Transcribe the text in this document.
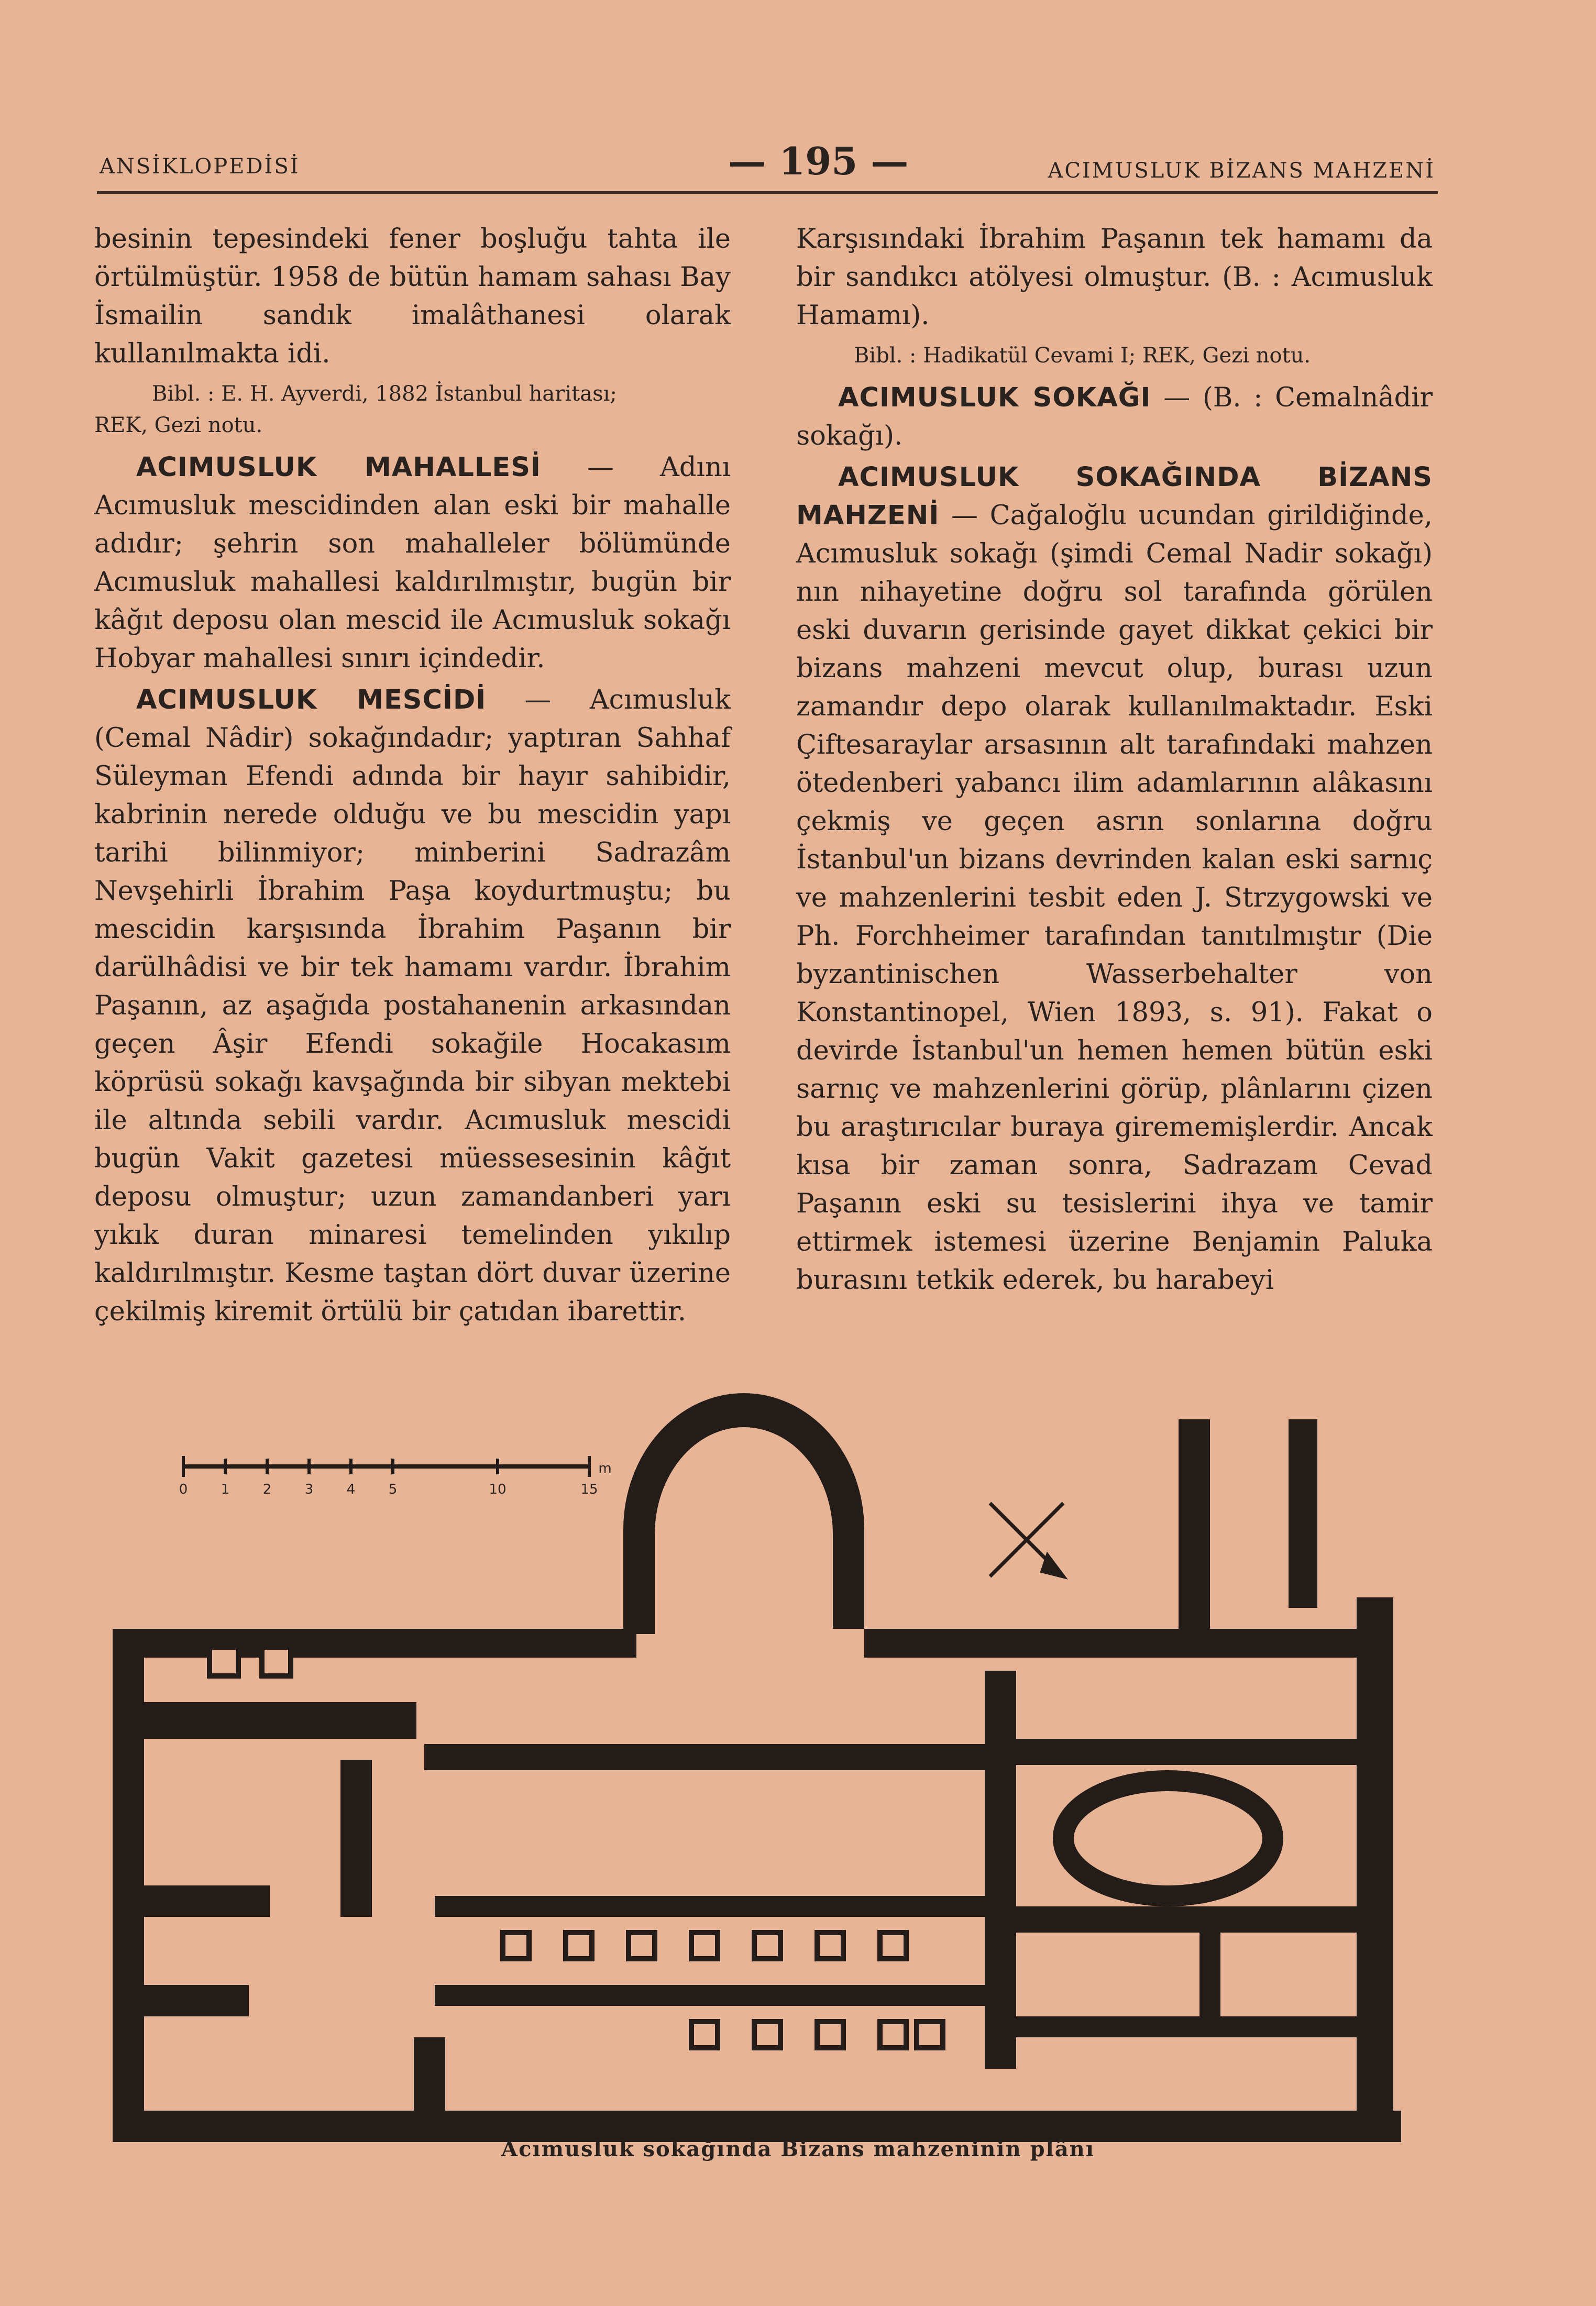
ANSİKLOPEDİSİ	— 195 —	ACIMUSLUK BİZANS MAHZENİ

besinin tepesindeki fener boşluğu tahta ile örtülmüştür. 1958 de bütün hamam sahası Bay İsmailin sandık imalâthanesi olarak kullanılmakta idi.

Bibl. : E. H. Ayverdi, 1882 İstanbul haritası;
REK, Gezi notu.

ACIMUSLUK MAHALLESİ — Adını Acımusluk mescidinden alan eski bir mahalle adıdır; şehrin son mahalleler bölümünde Acımusluk mahallesi kaldırılmıştır, bugün bir kâğıt deposu olan mescid ile Acımusluk sokağı Hobyar mahallesi sınırı içindedir.

ACIMUSLUK MESCİDİ — Acımusluk (Cemal Nâdir) sokağındadır; yaptıran Sahhaf Süleyman Efendi adında bir hayır sahibidir, kabrinin nerede olduğu ve bu mescidin yapı tarihi bilinmiyor; minberini Sadrazâm Nevşehirli İbrahim Paşa koydurtmuştu; bu mescidin karşısında İbrahim Paşanın bir darülhâdisi ve bir tek hamamı vardır. İbrahim Paşanın, az aşağıda postahanenin arkasından geçen Âşir Efendi sokağile Hocakasım köprüsü sokağı kavşağında bir sibyan mektebi ile altında sebili vardır. Acımusluk mescidi bugün Vakit gazetesi müessesesinin kâğıt deposu olmuştur; uzun zamandanberi yarı yıkık duran minaresi temelinden yıkılıp kaldırılmıştır. Kesme taştan dört duvar üzerine çekilmiş kiremit örtülü bir çatıdan ibarettir.

Karşısındaki İbrahim Paşanın tek hamamı da bir sandıkcı atölyesi olmuştur. (B. : Acımusluk Hamamı).

Bibl. : Hadikatül Cevami I; REK, Gezi notu.

ACIMUSLUK SOKAĞI — (B. : Cemalnâdir sokağı).

ACIMUSLUK SOKAĞINDA BİZANS MAHZENİ — Cağaloğlu ucundan girildiğinde, Acımusluk sokağı (şimdi Cemal Nadir sokağı) nın nihayetine doğru sol tarafında görülen eski duvarın gerisinde gayet dikkat çekici bir bizans mahzeni mevcut olup, burası uzun zamandır depo olarak kullanılmaktadır. Eski Çiftesaraylar arsasının alt tarafındaki mahzen ötedenberi yabancı ilim adamlarının alâkasını çekmiş ve geçen asrın sonlarına doğru İstanbul'un bizans devrinden kalan eski sarnıç ve mahzenlerini tesbit eden J. Strzygowski ve Ph. Forchheimer tarafından tanıtılmıştır (Die byzantinischen Wasserbehalter von Konstantinopel, Wien 1893, s. 91). Fakat o devirde İstanbul'un hemen hemen bütün eski sarnıç ve mahzenlerini görüp, plânlarını çizen bu araştırıcılar buraya girememişlerdir. Ancak kısa bir zaman sonra, Sadrazam Cevad Paşanın eski su tesislerini ihya ve tamir ettirmek istemesi üzerine Benjamin Paluka burasını tetkik ederek, bu harabeyi

0 1 2 3 4 5	10	15
m
Acımusluk sokağında Bizans mahzeninin plânı
